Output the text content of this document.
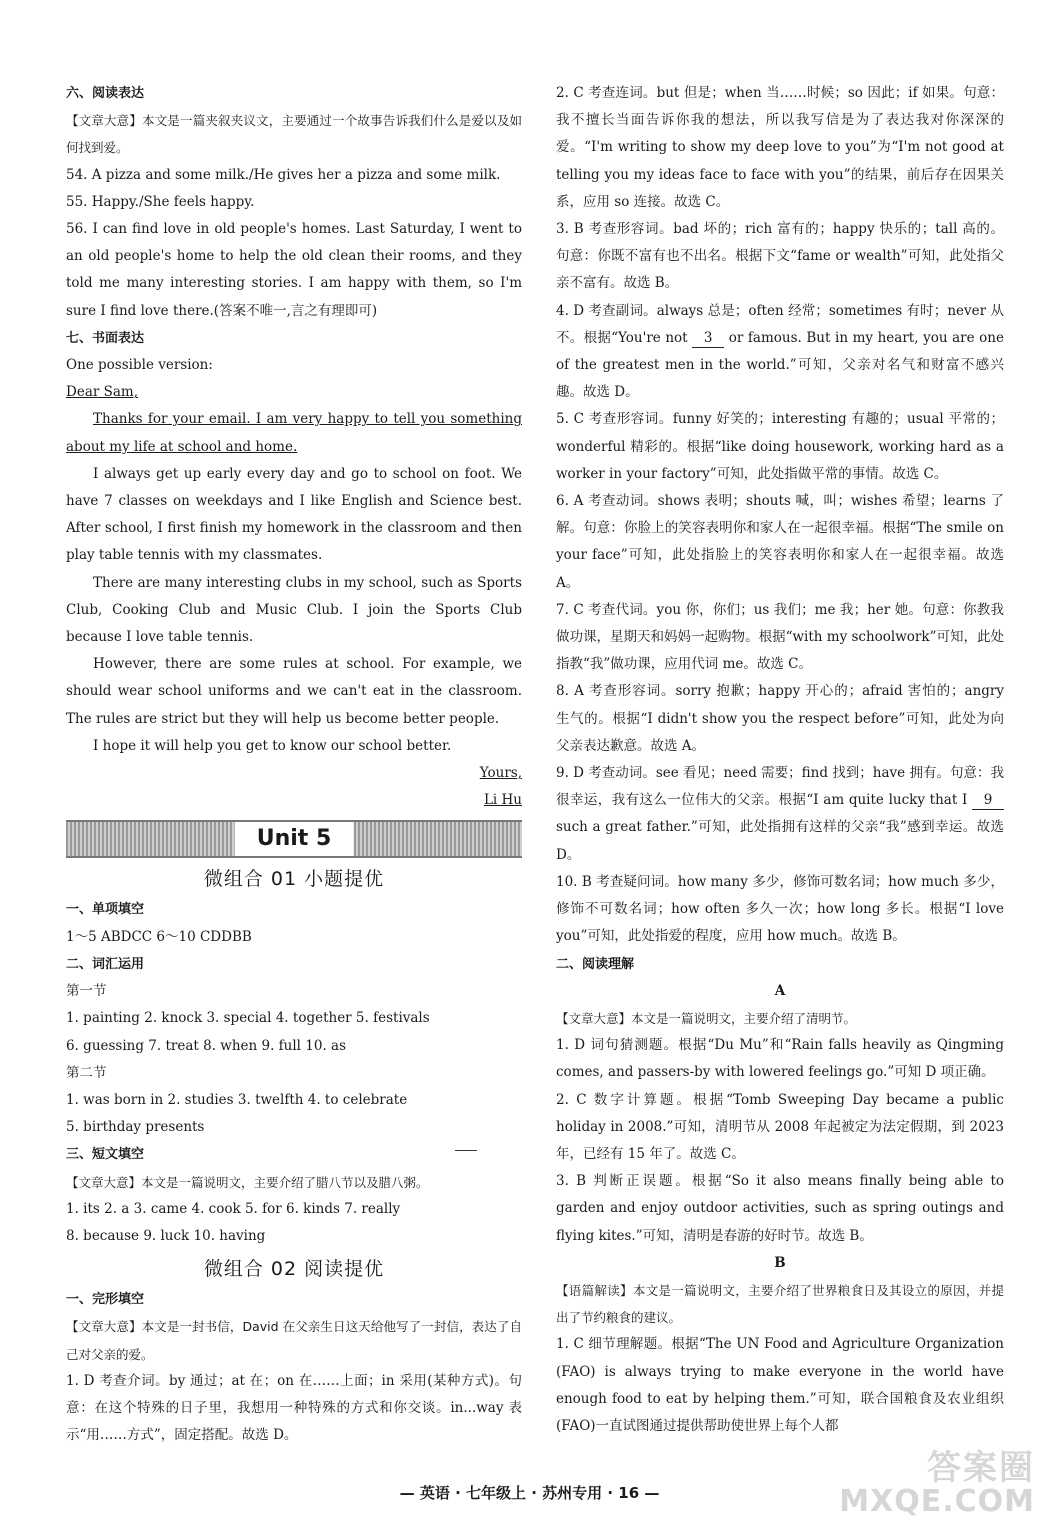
六、阅读表达

【文章大意】本文是一篇夹叙夹议文，主要通过一个故事告诉我们什么是爱以及如何找到爱。

54. A pizza and some milk./He gives her a pizza and some milk.

55. Happy./She feels happy.

56. I can find love in old people's homes. Last Saturday, I went to an old people's home to help the old clean their rooms, and they told me many interesting stories. I am happy with them, so I'm sure I find love there.(答案不唯一,言之有理即可)

七、书面表达

One possible version:

Dear Sam,

Thanks for your email. I am very happy to tell you something about my life at school and home.

I always get up early every day and go to school on foot. We have 7 classes on weekdays and I like English and Science best. After school, I first finish my homework in the classroom and then play table tennis with my classmates.

There are many interesting clubs in my school, such as Sports Club, Cooking Club and Music Club. I join the Sports Club because I love table tennis.

However, there are some rules at school. For example, we should wear school uniforms and we can't eat in the classroom. The rules are strict but they will help us become better people.

I hope it will help you get to know our school better.

Yours,

Li Hu

Unit 5

微组合 01 小题提优

一、单项填空

1～5 ABDCC 6～10 CDDBB

二、词汇运用

第一节

1. painting 2. knock 3. special 4. together 5. festivals

6. guessing 7. treat 8. when 9. full 10. as

第二节

1. was born in 2. studies 3. twelfth 4. to celebrate

5. birthday presents

三、短文填空

【文章大意】本文是一篇说明文，主要介绍了腊八节以及腊八粥。

1. its 2. a 3. came 4. cook 5. for 6. kinds 7. really

8. because 9. luck 10. having

微组合 02 阅读提优

一、完形填空

【文章大意】本文是一封书信，David 在父亲生日这天给他写了一封信，表达了自己对父亲的爱。

1. D 考查介词。by 通过；at 在；on 在……上面；in 采用(某种方式)。句意：在这个特殊的日子里，我想用一种特殊的方式和你交谈。in...way 表示“用……方式”，固定搭配。故选 D。

2. C 考查连词。but 但是；when 当……时候；so 因此；if 如果。句意：我不擅长当面告诉你我的想法，所以我写信是为了表达我对你深深的爱。“I'm writing to show my deep love to you”为“I'm not good at telling you my ideas face to face with you”的结果，前后存在因果关系，应用 so 连接。故选 C。

3. B 考查形容词。bad 坏的；rich 富有的；happy 快乐的；tall 高的。句意：你既不富有也不出名。根据下文“fame or wealth”可知，此处指父亲不富有。故选 B。

4. D 考查副词。always 总是；often 经常；sometimes 有时；never 从不。根据“You're not 3 or famous. But in my heart, you are one of the greatest men in the world.”可知，父亲对名气和财富不感兴趣。故选 D。

5. C 考查形容词。funny 好笑的；interesting 有趣的；usual 平常的；wonderful 精彩的。根据“like doing housework, working hard as a worker in your factory”可知，此处指做平常的事情。故选 C。

6. A 考查动词。shows 表明；shouts 喊，叫；wishes 希望；learns 了解。句意：你脸上的笑容表明你和家人在一起很幸福。根据“The smile on your face”可知，此处指脸上的笑容表明你和家人在一起很幸福。故选 A。

7. C 考查代词。you 你，你们；us 我们；me 我；her 她。句意：你教我做功课，星期天和妈妈一起购物。根据“with my schoolwork”可知，此处指教“我”做功课，应用代词 me。故选 C。

8. A 考查形容词。sorry 抱歉；happy 开心的；afraid 害怕的；angry 生气的。根据“I didn't show you the respect before”可知，此处为向父亲表达歉意。故选 A。

9. D 考查动词。see 看见；need 需要；find 找到；have 拥有。句意：我很幸运，我有这么一位伟大的父亲。根据“I am quite lucky that I 9 such a great father.”可知，此处指拥有这样的父亲“我”感到幸运。故选 D。

10. B 考查疑问词。how many 多少，修饰可数名词；how much 多少，修饰不可数名词；how often 多久一次；how long 多长。根据“I love you”可知，此处指爱的程度，应用 how much。故选 B。

二、阅读理解

A

【文章大意】本文是一篇说明文，主要介绍了清明节。

1. D 词句猜测题。根据“Du Mu”和“Rain falls heavily as Qingming comes, and passers-by with lowered feelings go.”可知 D 项正确。

2. C 数字计算题。根据“Tomb Sweeping Day became a public holiday in 2008.”可知，清明节从 2008 年起被定为法定假期，到 2023 年，已经有 15 年了。故选 C。

3. B 判断正误题。根据“So it also means finally being able to garden and enjoy outdoor activities, such as spring outings and flying kites.”可知，清明是春游的好时节。故选 B。

B

【语篇解读】本文是一篇说明文，主要介绍了世界粮食日及其设立的原因，并提出了节约粮食的建议。

1. C 细节理解题。根据“The UN Food and Agriculture Organization (FAO) is always trying to make everyone in the world have enough food to eat by helping them.”可知，联合国粮食及农业组织(FAO)一直试图通过提供帮助使世界上每个人都

— 英语 · 七年级上 · 苏州专用 · 16 —
答案圈
MXQE.COM
